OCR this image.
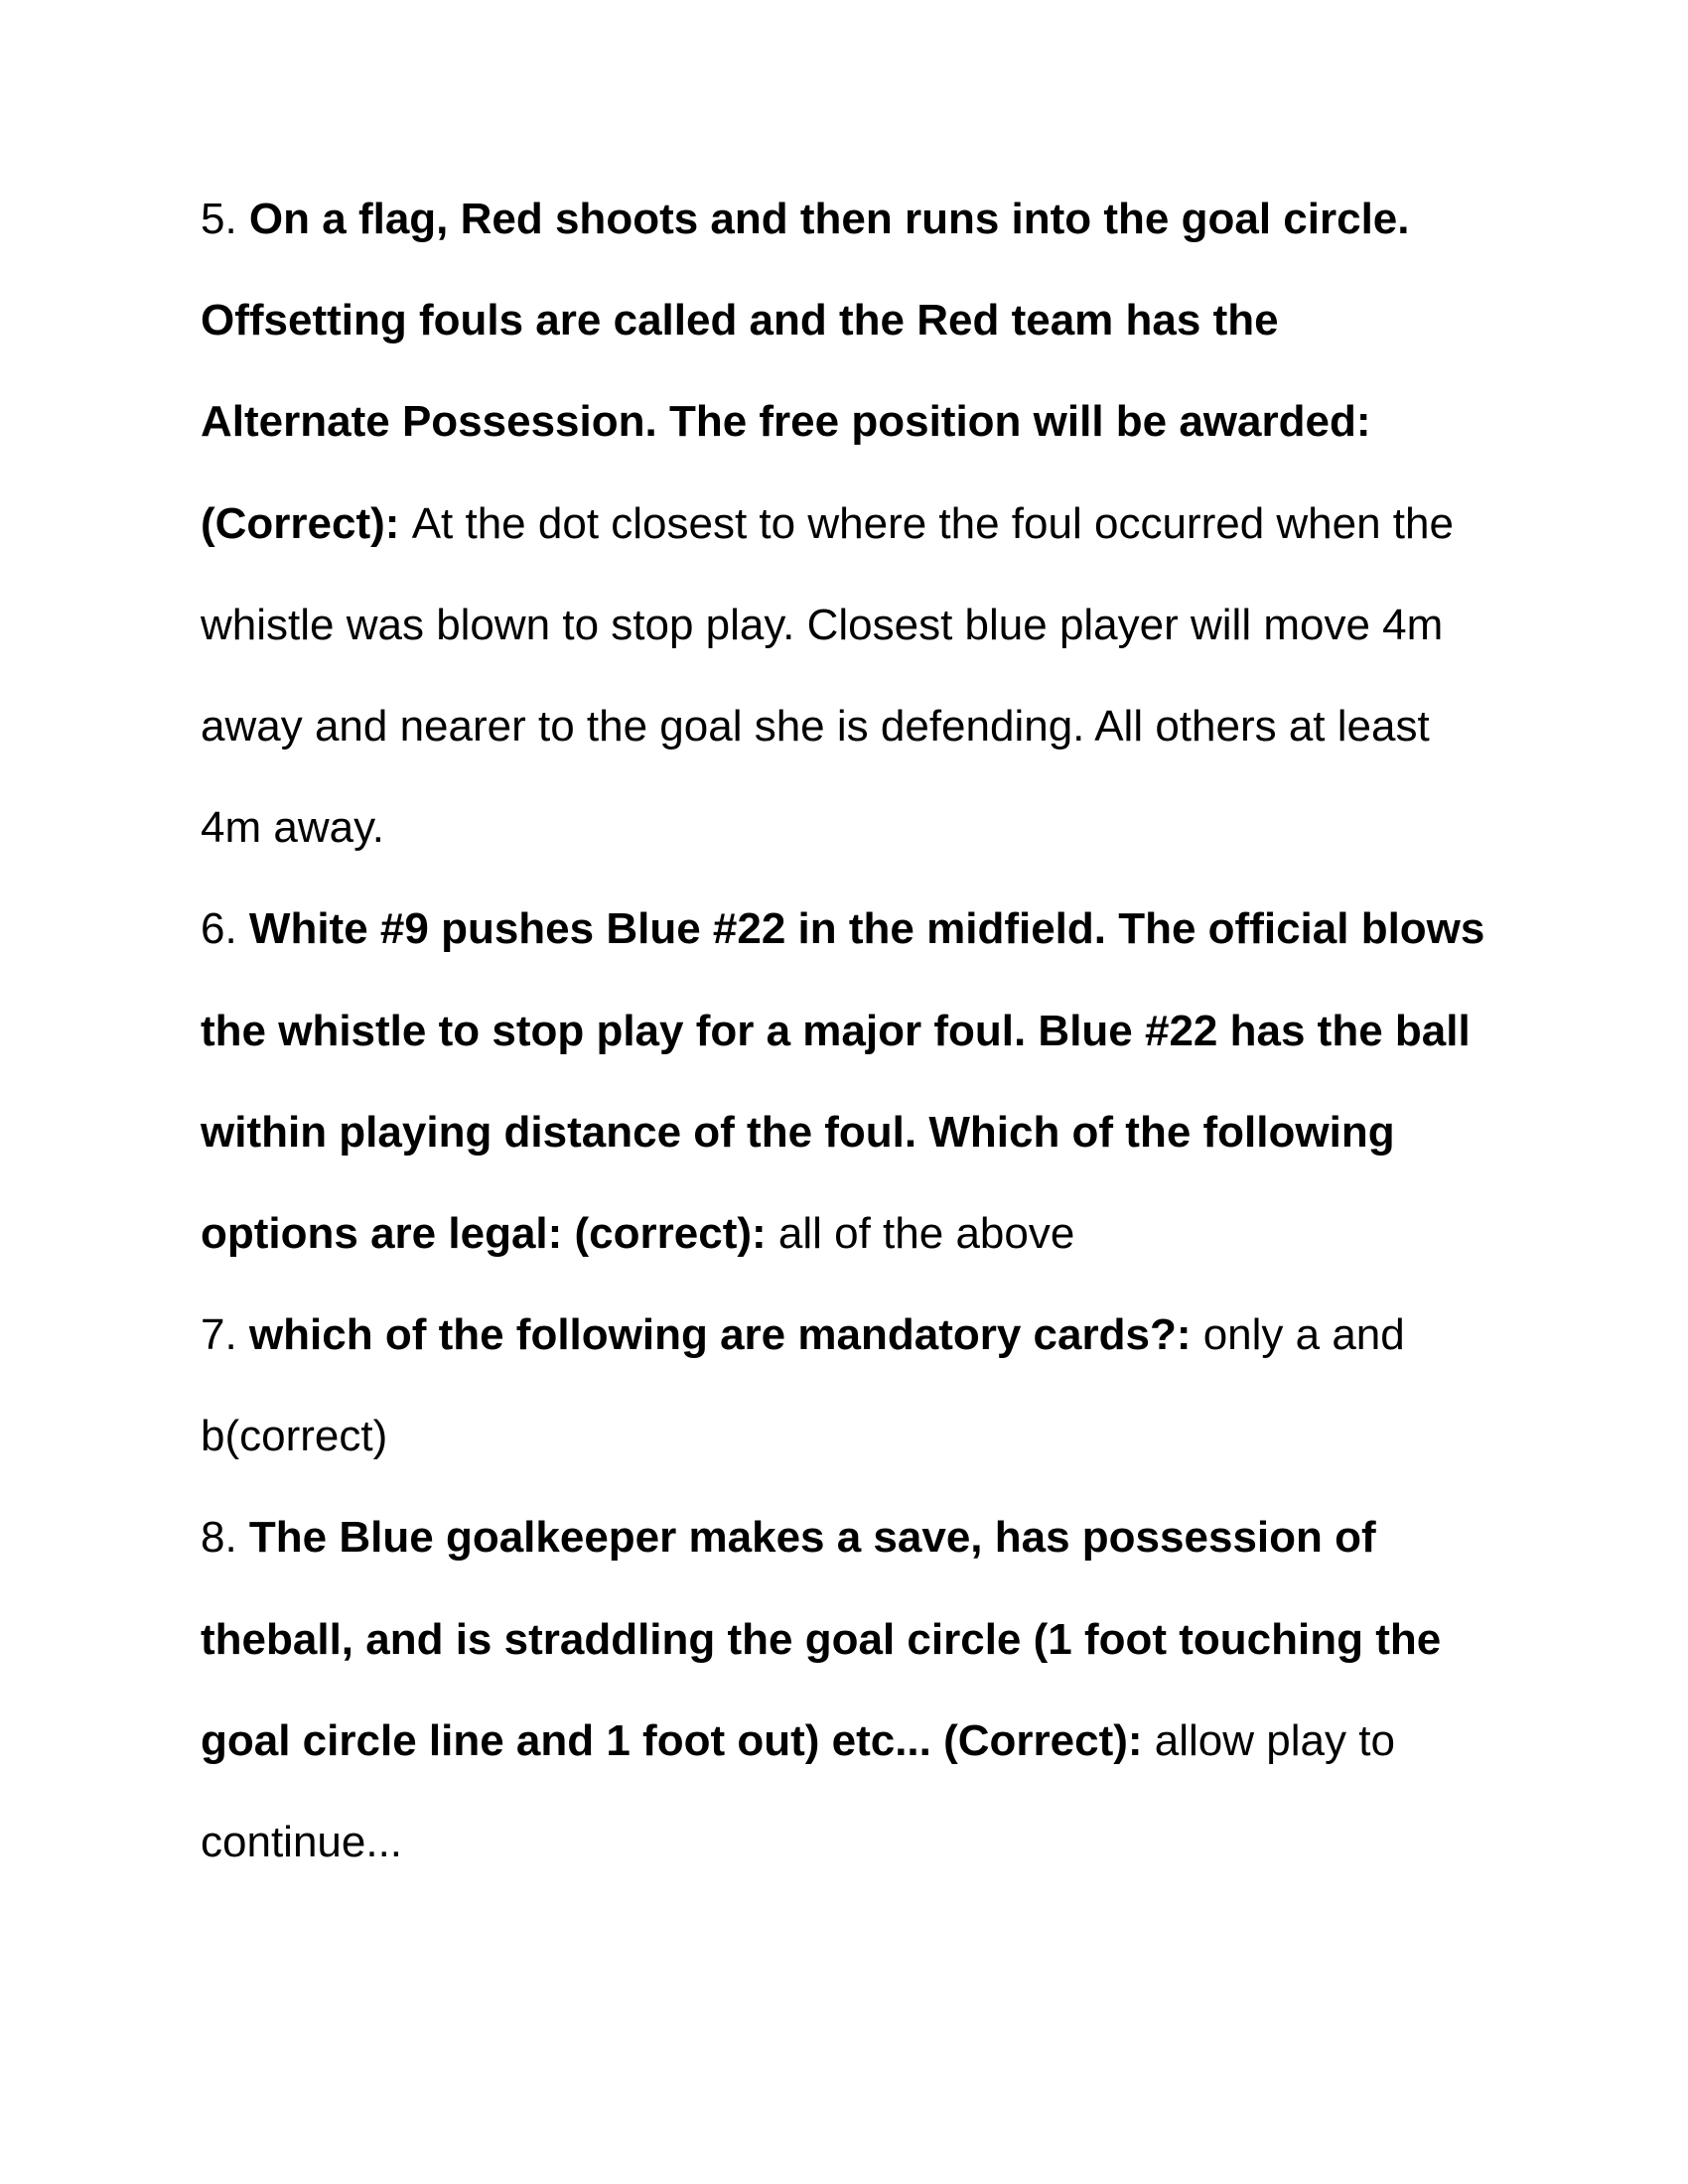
5. On a flag, Red shoots and then runs into the goal circle.
Offsetting fouls are called and the Red team has the
Alternate Possession. The free position will be awarded:
(Correct): At the dot closest to where the foul occurred when the
whistle was blown to stop play. Closest blue player will move 4m
away and nearer to the goal she is defending. All others at least
4m away.
6. White #9 pushes Blue #22 in the midfield. The official blows
the whistle to stop play for a major foul. Blue #22 has the ball
within playing distance of the foul. Which of the following
options are legal: (correct): all of the above
7. which of the following are mandatory cards?: only a and
b(correct)
8. The Blue goalkeeper makes a save, has possession of
theball, and is straddling the goal circle (1 foot touching the
goal circle line and 1 foot out) etc... (Correct): allow play to
continue...
